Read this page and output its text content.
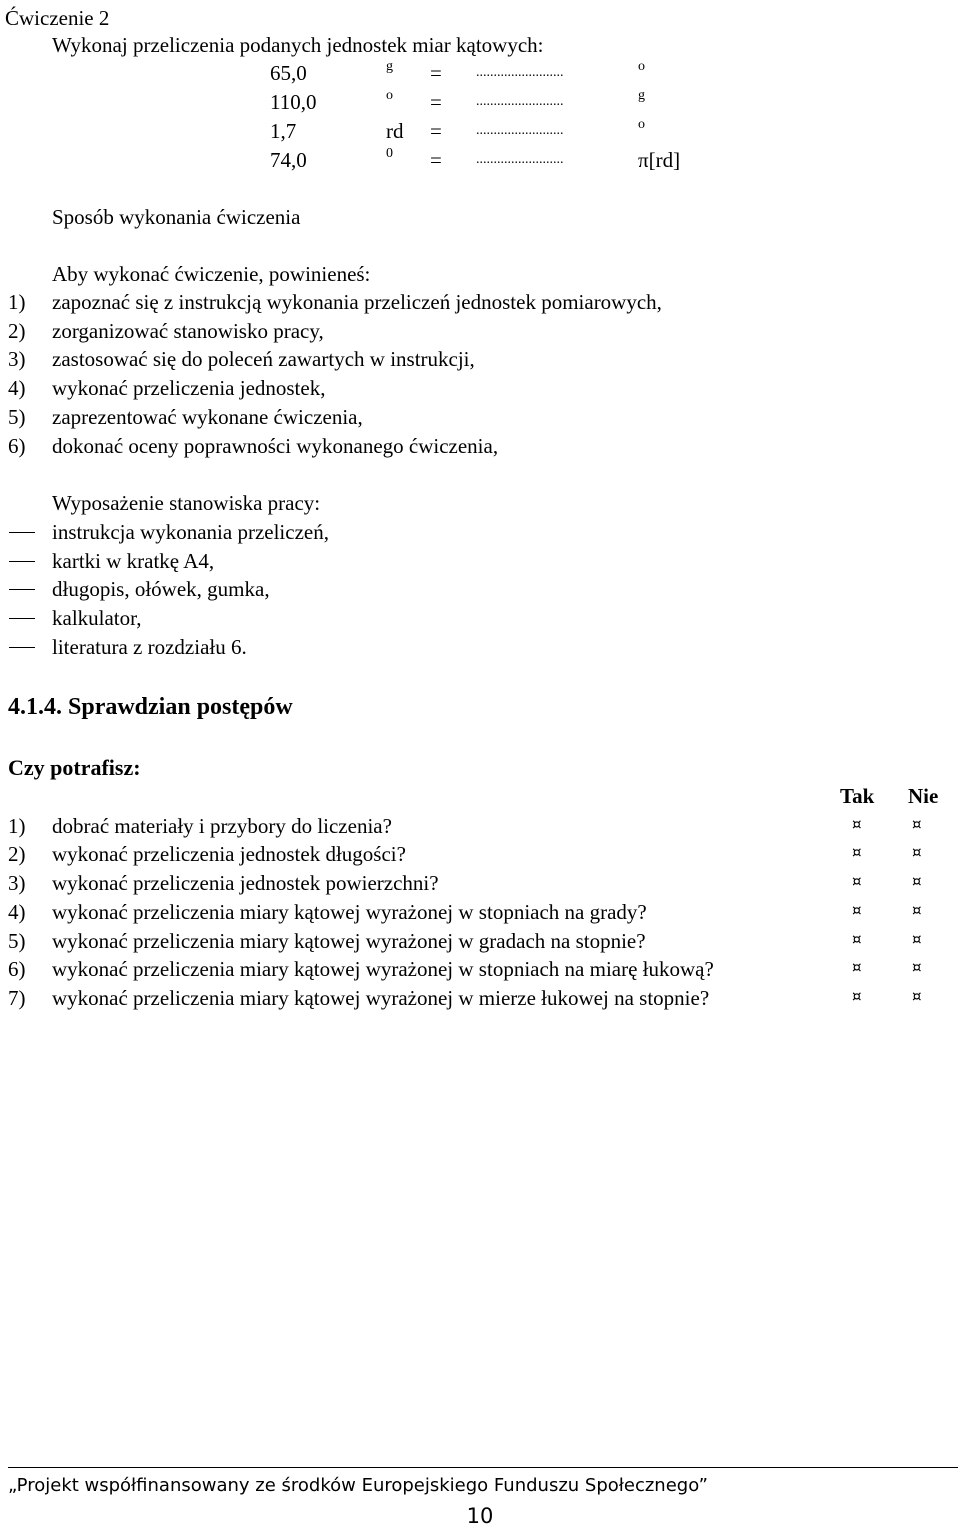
Ćwiczenie 2
Wykonaj przeliczenia podanych jednostek miar kątowych:
65,0	g = .........................	o
110,0	o = .........................	g
1,7	rd = .........................	o
74,0	0 = .........................	π[rd]
Sposób wykonania ćwiczenia
Aby wykonać ćwiczenie, powinieneś:
1) zapoznać się z instrukcją wykonania przeliczeń jednostek pomiarowych,
2) zorganizować stanowisko pracy,
3) zastosować się do poleceń zawartych w instrukcji,
4) wykonać przeliczenia jednostek,
5) zaprezentować wykonane ćwiczenia,
6) dokonać oceny poprawności wykonanego ćwiczenia,
Wyposażenie stanowiska pracy:
instrukcja wykonania przeliczeń,
kartki w kratkę A4,
długopis, ołówek, gumka,
kalkulator,
literatura z rozdziału 6.
4.1.4. Sprawdzian postępów
Czy potrafisz:
Tak Nie
1) dobrać materiały i przybory do liczenia?	¤	¤
2) wykonać przeliczenia jednostek długości?	¤	¤
3) wykonać przeliczenia jednostek powierzchni?	¤	¤
4) wykonać przeliczenia miary kątowej wyrażonej w stopniach na grady?	¤	¤
5) wykonać przeliczenia miary kątowej wyrażonej w gradach na stopnie?	¤	¤
6) wykonać przeliczenia miary kątowej wyrażonej w stopniach na miarę łukową?	¤	¤
7) wykonać przeliczenia miary kątowej wyrażonej w mierze łukowej na stopnie?	¤	¤
„Projekt współfinansowany ze środków Europejskiego Funduszu Społecznego”
10
